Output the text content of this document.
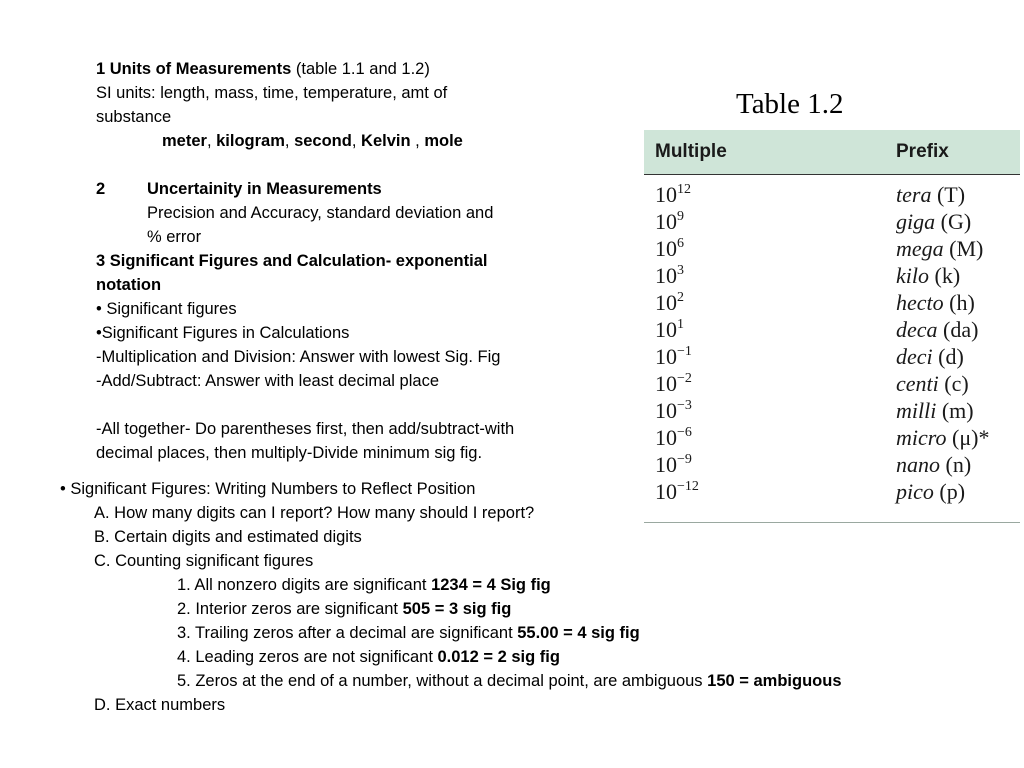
1 Units of Measurements (table 1.1 and 1.2)
SI units: length, mass, time, temperature, amt of
substance
meter, kilogram, second, Kelvin , mole
2	Uncertainity in Measurements
Precision and Accuracy, standard deviation and
% error
3 Significant Figures and Calculation- exponential
notation
• Significant figures
•Significant Figures in Calculations
-Multiplication and Division: Answer with lowest Sig. Fig
-Add/Subtract: Answer with least decimal place
-All together- Do parentheses first, then add/subtract-with
decimal places, then multiply-Divide minimum sig fig.
• Significant Figures: Writing Numbers to Reflect Position
A. How many digits can I report? How many should I report?
B. Certain digits and estimated digits
C. Counting significant figures
1. All nonzero digits are significant 1234 = 4 Sig fig
2. Interior zeros are significant 505 = 3 sig fig
3. Trailing zeros after a decimal are significant 55.00 = 4 sig fig
4. Leading zeros are not significant 0.012 = 2 sig fig
5. Zeros at the end of a number, without a decimal point, are ambiguous 150 = ambiguous
D. Exact numbers
Table 1.2
Multiple	Prefix
$10^{12}$	tera (T)
$10^9$	giga (G)
$10^6$	mega (M)
$10^3$	kilo (k)
$10^2$	hecto (h)
$10^1$	deca (da)
$10^{-1}$	deci (d)
$10^{-2}$	centi (c)
$10^{-3}$	milli (m)
$10^{-6}$	micro (μ)*
$10^{-9}$	nano (n)
$10^{-12}$	pico (p)
